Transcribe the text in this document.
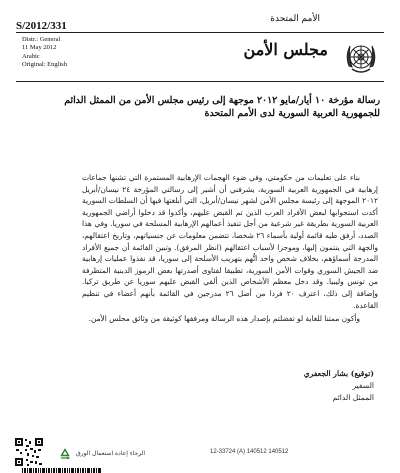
S/2012/331
الأمم المتحدة
Distr.: General
11 May 2012
Arabic
Original: English
مجلس الأمن
رسالة مؤرخة ١٠ أيار/مايو ٢٠١٢ موجهة إلى رئيس مجلس الأمن من الممثل الدائم للجمهورية العربية السورية لدى الأمم المتحدة

بناء على تعليمات من حكومتي، وفي ضوء الهجمات الإرهابية المستمرة التي تشنها جماعات إرهابية في الجمهورية العربية السورية، يشرفني أن أشير إلى رسالتي المؤرخة ٢٤ نيسان/أبريل ٢٠١٢ الموجهة إلى رئيسة مجلس الأمن لشهر نيسان/أبريل، التي أبلغتها فيها أن السلطات السورية أكدت استجوابها لبعض الأفراد العرب الذين تم القبض عليهم، وأكدوا قد دخلوا أراضي الجمهورية العربية السورية بطريقة غير شرعية من أجل تنفيذ أعمالهم الإرهابية المسلحة في سوريا. وفي هذا الصدد، أرفق طيه قائمة أولية بأسماء ٢٦ شخصا، تتضمن معلومات عن جنسياتهم، وتاريخ اعتقالهم، والجهة التي ينتمون إليها، وموجزا لأسباب اعتقالهم (انظر المرفق). وتبين القائمة أن جميع الأفراد المدرجة أسماؤهم، بخلاف شخص واحد اتُّهم بتهريب الأسلحة إلى سوريا، قد نفذوا عمليات إرهابية ضد الجيش السوري وقوات الأمن السورية، تطبيقا لفتاوى أصدرتها بعض الرموز الدينية المتطرفة من تونس وليبيا. وقد دخل معظم الأشخاص الذين ألقي القبض عليهم سوريا عن طريق تركيا. وإضافة إلى ذلك، اعترف ٢٠ فردا من أصل ٢٦ مدرجين في القائمة بأنهم أعضاء في تنظيم القاعدة.

وأكون ممتنا للغاية لو تفضلتم بإصدار هذه الرسالة ومرفقها كوثيقة من وثائق مجلس الأمن.

(توقيع) بشار الجعفري
السفير
الممثل الدائم
الرجاء إعادة استعمال الورق	12-33724 (A) 140512 140512
